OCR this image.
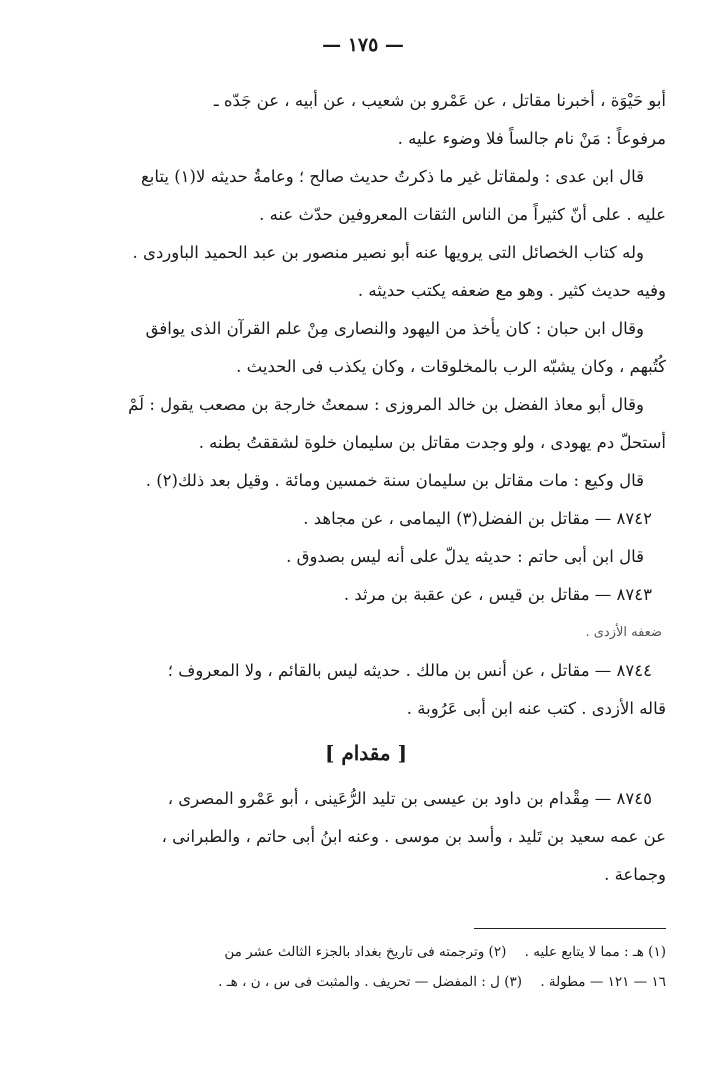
— ١٧٥ —

أبو حَيْوَة ، أخبرنا مقاتل ، عن عَمْرو بن شعيب ، عن أبيه ، عن جَدّه ـ

مرفوعاً : مَنْ نام جالساً فلا وضوء عليه .

قال ابن عدى : ولمقاتل غير ما ذكرتُ حديث صالح ؛ وعامةُ حديثه لا(١) يتابع

عليه . على أنّ كثيراً من الناس الثقات المعروفين حدّث عنه .

وله كتاب الخصائل التى يرويها عنه أبو نصير منصور بن عبد الحميد الباوردى .

وفيه حديث كثير . وهو مع ضعفه يكتب حديثه .

وقال ابن حبان : كان يأخذ من اليهود والنصارى مِنْ علم القرآن الذى يوافق

كُتُبهم ، وكان يشبّه الرب بالمخلوقات ، وكان يكذب فى الحديث .

وقال أبو معاذ الفضل بن خالد المروزى : سمعتُ خارجة بن مصعب يقول : لَمْ

أستحلّ دم يهودى ، ولو وجدت مقاتل بن سليمان خلوة لشققتُ بطنه .

قال وكيع : مات مقاتل بن سليمان سنة خمسين ومائة . وقيل بعد ذلك(٢) .

٨٧٤٢ — مقاتل بن الفضل(٣) اليمامى ، عن مجاهد .

قال ابن أبى حاتم : حديثه يدلّ على أنه ليس بصدوق .

٨٧٤٣ — مقاتل بن قيس ، عن عقبة بن مرثد .

ضعفه الأزدى .

٨٧٤٤ — مقاتل ، عن أنس بن مالك . حديثه ليس بالقائم ، ولا المعروف ؛

قاله الأزدى . كتب عنه ابن أبى عَرُوبة .

[ مقدام ]

٨٧٤٥ — مِقْدام بن داود بن عيسى بن تليد الرُّعَينى ، أبو عَمْرو المصرى ،

عن عمه سعيد بن تَليد ، وأسد بن موسى . وعنه ابنُ أبى حاتم ، والطبرانى ،

وجماعة .

(١) هـ : مما لا يتابع عليه . (٢) وترجمته فى تاريخ بغداد بالجزء الثالث عشر من

١٦ — ١٢١ — مطولة . (٣) ل : المفضل — تحريف . والمثبت فى س ، ن ، هـ .
